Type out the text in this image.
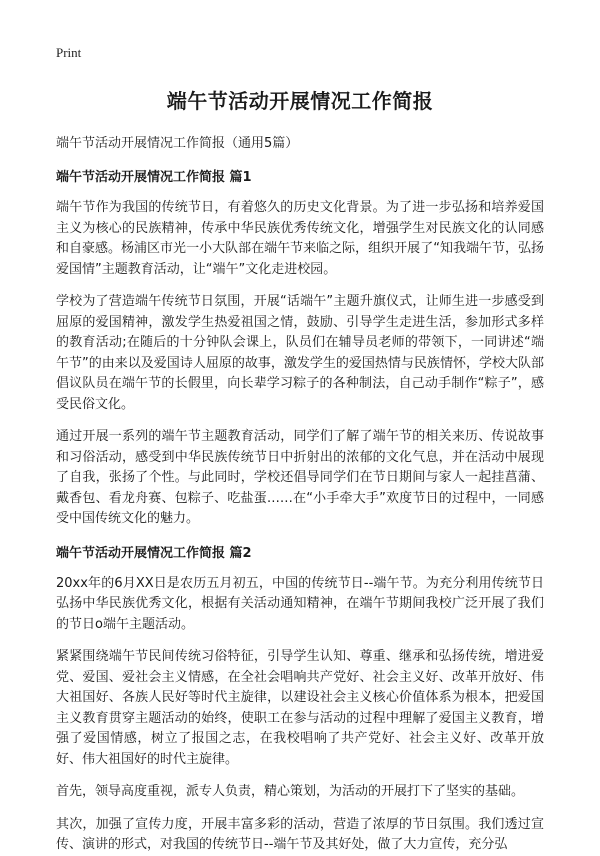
Print
端午节活动开展情况工作简报
端午节活动开展情况工作简报（通用5篇）
端午节活动开展情况工作简报 篇1

端午节作为我国的传统节日，有着悠久的历史文化背景。为了进一步弘扬和培养爱国主义为核心的民族精神，传承中华民族优秀传统文化，增强学生对民族文化的认同感和自豪感。杨浦区市光一小大队部在端午节来临之际，组织开展了“知我端午节，弘扬爱国情”主题教育活动，让“端午”文化走进校园。

学校为了营造端午传统节日氛围，开展“话端午”主题升旗仪式，让师生进一步感受到屈原的爱国精神，激发学生热爱祖国之情，鼓励、引导学生走进生活，参加形式多样的教育活动;在随后的十分钟队会课上，队员们在辅导员老师的带领下，一同讲述“端午节”的由来以及爱国诗人屈原的故事，激发学生的爱国热情与民族情怀，学校大队部倡议队员在端午节的长假里，向长辈学习粽子的各种制法，自己动手制作“粽子”，感受民俗文化。

通过开展一系列的端午节主题教育活动，同学们了解了端午节的相关来历、传说故事和习俗活动，感受到中华民族传统节日中折射出的浓郁的文化气息，并在活动中展现了自我，张扬了个性。与此同时，学校还倡导同学们在节日期间与家人一起挂菖蒲、戴香包、看龙舟赛、包粽子、吃盐蛋……在“小手牵大手”欢度节日的过程中，一同感受中国传统文化的魅力。

端午节活动开展情况工作简报 篇2

20xx年的6月XX日是农历五月初五，中国的传统节日--端午节。为充分利用传统节日弘扬中华民族优秀文化，根据有关活动通知精神，在端午节期间我校广泛开展了我们的节日o端午主题活动。

紧紧围绕端午节民间传统习俗特征，引导学生认知、尊重、继承和弘扬传统，增进爱党、爱国、爱社会主义情感，在全社会唱响共产党好、社会主义好、改革开放好、伟大祖国好、各族人民好等时代主旋律，以建设社会主义核心价值体系为根本，把爱国主义教育贯穿主题活动的始终，使职工在参与活动的过程中理解了爱国主义教育，增强了爱国情感，树立了报国之志，在我校唱响了共产党好、社会主义好、改革开放好、伟大祖国好的时代主旋律。

首先，领导高度重视，派专人负责，精心策划，为活动的开展打下了坚实的基础。

其次，加强了宣传力度，开展丰富多彩的活动，营造了浓厚的节日氛围。我们透过宣传、演讲的形式，对我国的传统节日--端午节及其好处，做了大力宣传，充分弘
